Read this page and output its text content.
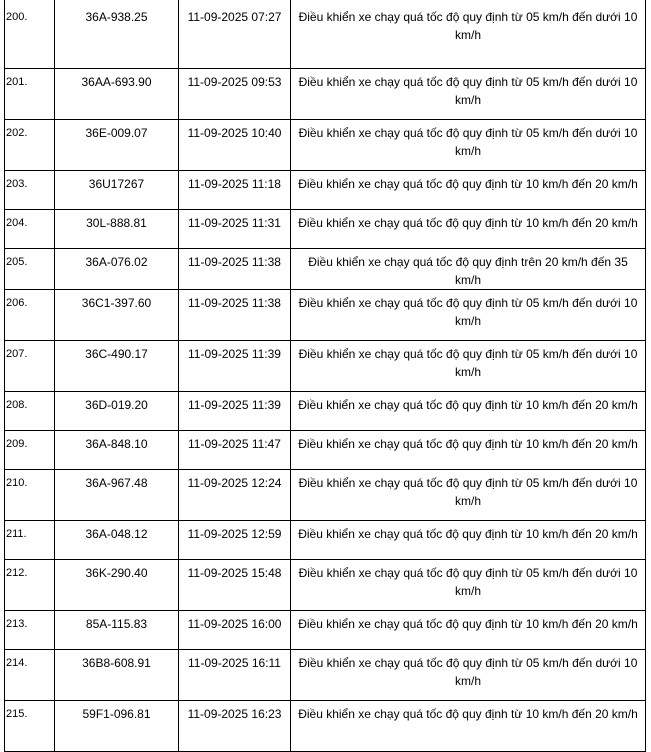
200.	36A-938.25	11-09-2025 07:27	Điều khiển xe chạy quá tốc độ quy định từ 05 km/h đến dưới 10 km/h
201.	36AA-693.90	11-09-2025 09:53	Điều khiển xe chạy quá tốc độ quy định từ 05 km/h đến dưới 10 km/h
202.	36E-009.07	11-09-2025 10:40	Điều khiển xe chạy quá tốc độ quy định từ 05 km/h đến dưới 10 km/h
203.	36U17267	11-09-2025 11:18	Điều khiển xe chạy quá tốc độ quy định từ 10 km/h đến 20 km/h
204.	30L-888.81	11-09-2025 11:31	Điều khiển xe chạy quá tốc độ quy định từ 10 km/h đến 20 km/h
205.	36A-076.02	11-09-2025 11:38	Điều khiển xe chạy quá tốc độ quy định trên 20 km/h đến 35 km/h
206.	36C1-397.60	11-09-2025 11:38	Điều khiển xe chạy quá tốc độ quy định từ 05 km/h đến dưới 10 km/h
207.	36C-490.17	11-09-2025 11:39	Điều khiển xe chạy quá tốc độ quy định từ 05 km/h đến dưới 10 km/h
208.	36D-019.20	11-09-2025 11:39	Điều khiển xe chạy quá tốc độ quy định từ 10 km/h đến 20 km/h
209.	36A-848.10	11-09-2025 11:47	Điều khiển xe chạy quá tốc độ quy định từ 10 km/h đến 20 km/h
210.	36A-967.48	11-09-2025 12:24	Điều khiển xe chạy quá tốc độ quy định từ 05 km/h đến dưới 10 km/h
211.	36A-048.12	11-09-2025 12:59	Điều khiển xe chạy quá tốc độ quy định từ 10 km/h đến 20 km/h
212.	36K-290.40	11-09-2025 15:48	Điều khiển xe chạy quá tốc độ quy định từ 05 km/h đến dưới 10 km/h
213.	85A-115.83	11-09-2025 16:00	Điều khiển xe chạy quá tốc độ quy định từ 10 km/h đến 20 km/h
214.	36B8-608.91	11-09-2025 16:11	Điều khiển xe chạy quá tốc độ quy định từ 05 km/h đến dưới 10 km/h
215.	59F1-096.81	11-09-2025 16:23	Điều khiển xe chạy quá tốc độ quy định từ 10 km/h đến 20 km/h
